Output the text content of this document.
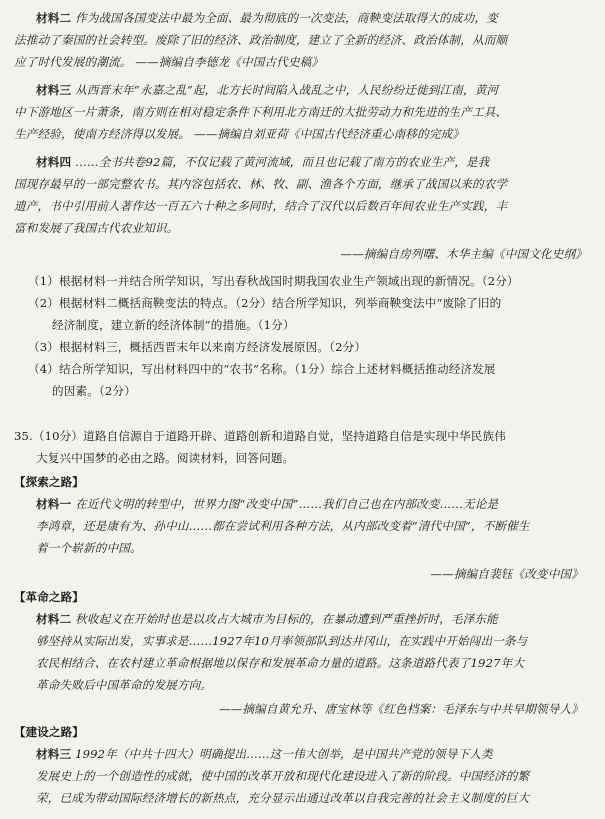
材料二 作为战国各国变法中最为全面、最为彻底的一次变法，商鞅变法取得大的成功，变
法推动了秦国的社会转型。废除了旧的经济、政治制度，建立了全新的经济、政治体制，从而顺
应了时代发展的潮流。 ——摘编自李德龙《中国古代史稿》
材料三 从西晋末年“永嘉之乱”起，北方长时间陷入战乱之中，人民纷纷迁徙到江南，黄河
中下游地区一片萧条，南方则在相对稳定条件下利用北方南迁的大批劳动力和先进的生产工具、
生产经验，使南方经济得以发展。 ——摘编自刘亚荷《中国古代经济重心南移的完成》
材料四 ……全书共卷92篇，不仅记载了黄河流域，而且也记载了南方的农业生产，是我
国现存最早的一部完整农书。其内容包括农、林、牧、副、渔各个方面，继承了战国以来的农学
遗产，书中引用前人著作达一百五六十种之多同时，结合了汉代以后数百年间农业生产实践，丰
富和发展了我国古代农业知识。
——摘编自房列曙、木华主编《中国文化史纲》
（1）根据材料一并结合所学知识，写出春秋战国时期我国农业生产领域出现的新情况。（2分）
（2）根据材料二概括商鞅变法的特点。（2分）结合所学知识，列举商鞅变法中“废除了旧的
经济制度，建立新的经济体制”的措施。（1分）
（3）根据材料三，概括西晋末年以来南方经济发展原因。（2分）
（4）结合所学知识，写出材料四中的“农书”名称。（1分）综合上述材料概括推动经济发展
的因素。（2分）
35.（10分）道路自信源自于道路开辟、道路创新和道路自觉，坚持道路自信是实现中华民族伟
大复兴中国梦的必由之路。阅读材料，回答问题。
【探索之路】
材料一 在近代文明的转型中，世界力图“改变中国”……我们自己也在内部改变……无论是
李鸿章，还是康有为、孙中山……都在尝试利用各种方法，从内部改变着“清代中国”，不断催生
着一个崭新的中国。
——摘编自裴钰《改变中国》
【革命之路】
材料二 秋收起义在开始时也是以攻占大城市为目标的，在暴动遭到严重挫折时，毛泽东能
够坚持从实际出发，实事求是……1927年10月率领部队到达井冈山，在实践中开始闯出一条与
农民相结合、在农村建立革命根据地以保存和发展革命力量的道路。这条道路代表了1927年大
革命失败后中国革命的发展方向。
——摘编自黄允升、唐宝林等《红色档案：毛泽东与中共早期领导人》
【建设之路】
材料三 1992年（中共十四大）明确提出……这一伟大创举，是中国共产党的领导下人类
发展史上的一个创造性的成就，使中国的改革开放和现代化建设进入了新的阶段。中国经济的繁
荣，已成为带动国际经济增长的新热点，充分显示出通过改革以自我完善的社会主义制度的巨大
